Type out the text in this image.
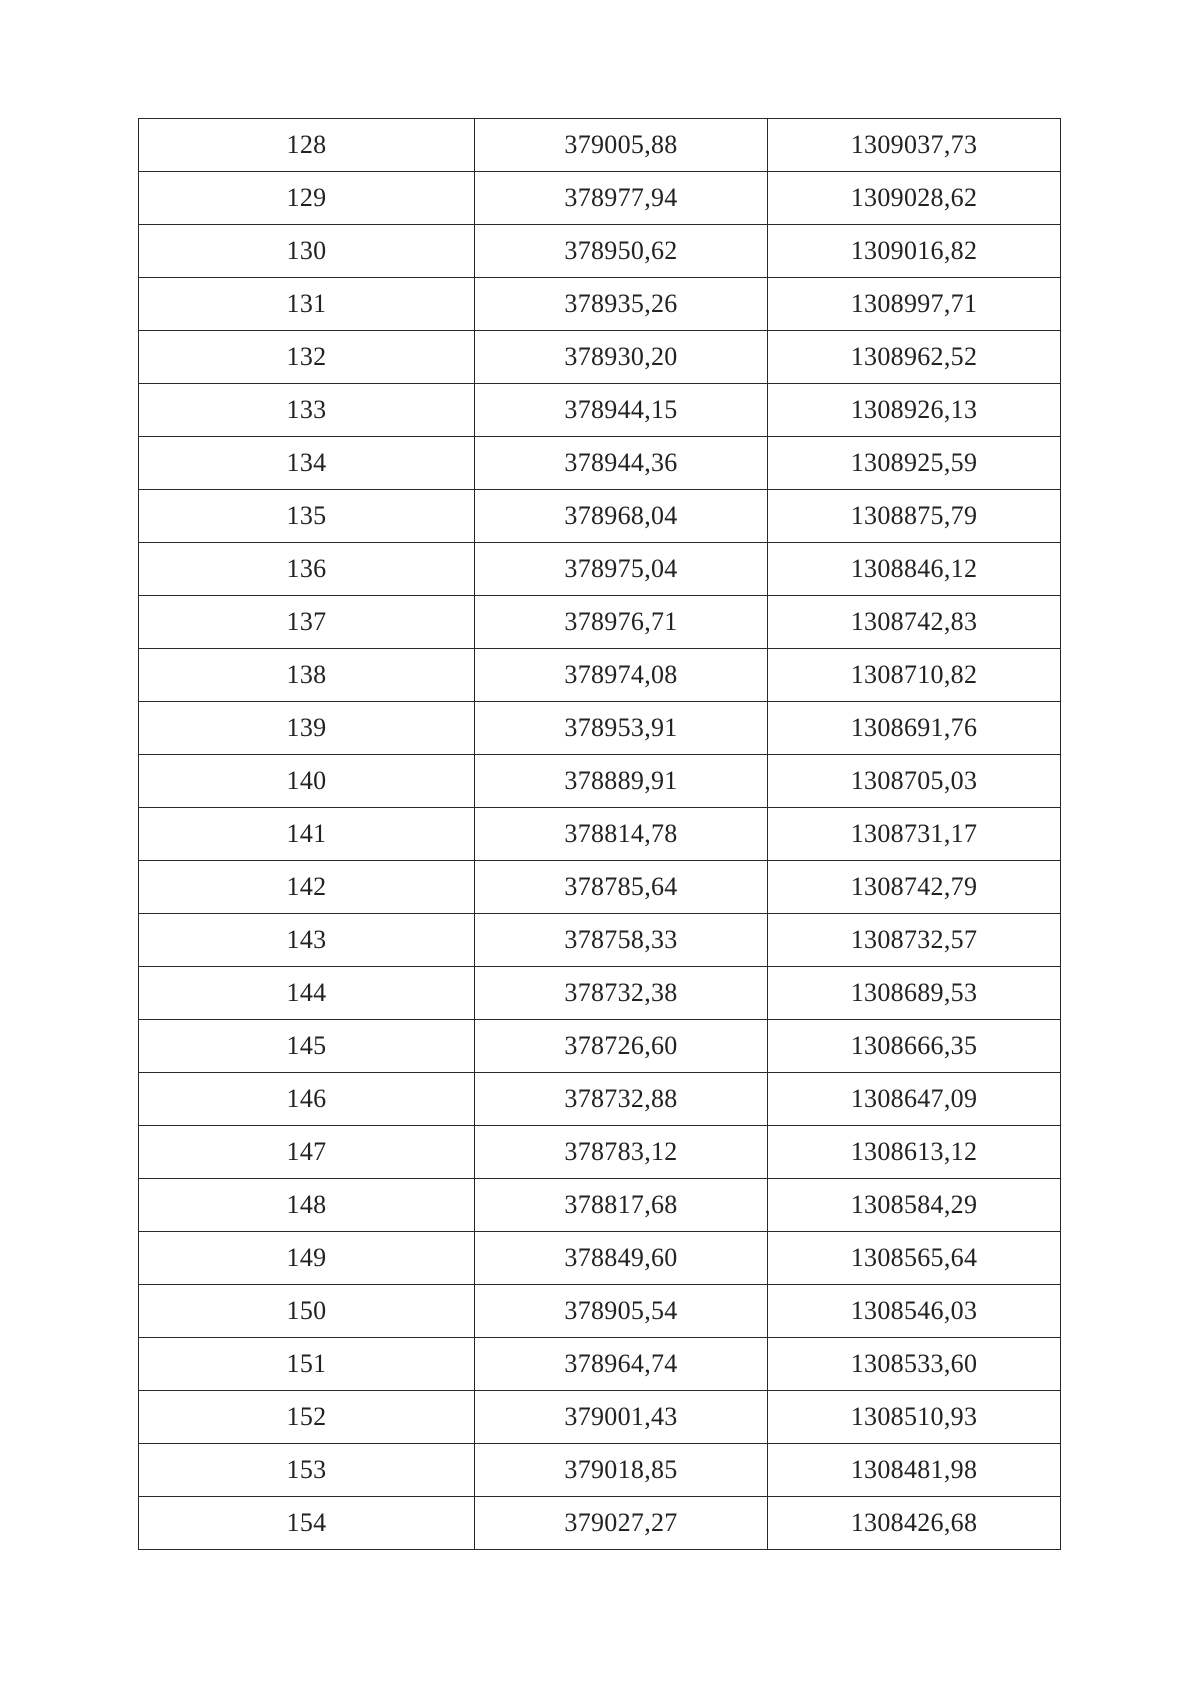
128	379005,88	1309037,73
129	378977,94	1309028,62
130	378950,62	1309016,82
131	378935,26	1308997,71
132	378930,20	1308962,52
133	378944,15	1308926,13
134	378944,36	1308925,59
135	378968,04	1308875,79
136	378975,04	1308846,12
137	378976,71	1308742,83
138	378974,08	1308710,82
139	378953,91	1308691,76
140	378889,91	1308705,03
141	378814,78	1308731,17
142	378785,64	1308742,79
143	378758,33	1308732,57
144	378732,38	1308689,53
145	378726,60	1308666,35
146	378732,88	1308647,09
147	378783,12	1308613,12
148	378817,68	1308584,29
149	378849,60	1308565,64
150	378905,54	1308546,03
151	378964,74	1308533,60
152	379001,43	1308510,93
153	379018,85	1308481,98
154	379027,27	1308426,68
